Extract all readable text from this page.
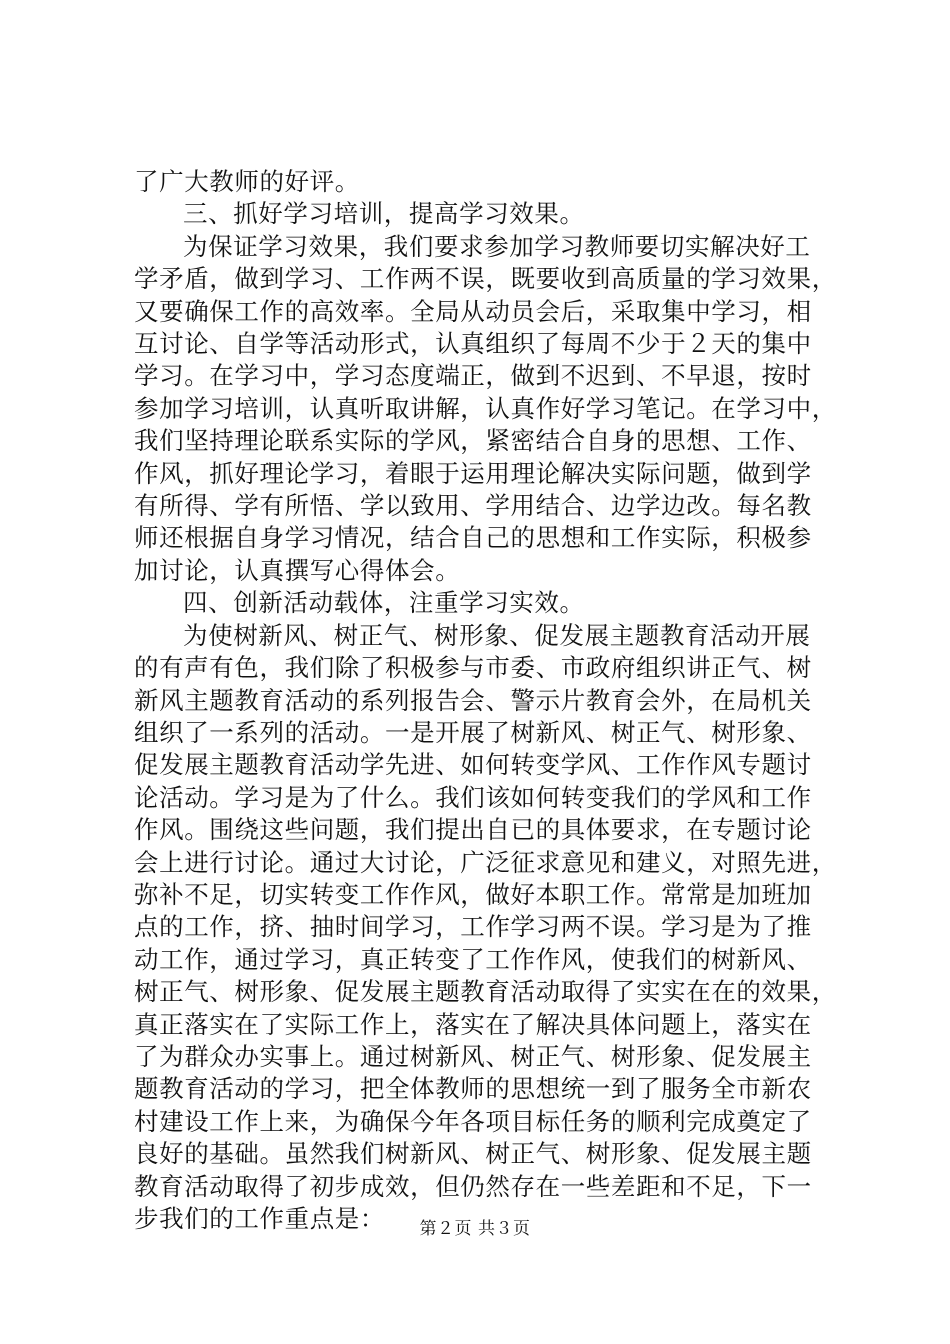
了广大教师的好评。
三、抓好学习培训，提高学习效果。
为保证学习效果，我们要求参加学习教师要切实解决好工
学矛盾，做到学习、工作两不误，既要收到高质量的学习效果，
又要确保工作的高效率。全局从动员会后，采取集中学习，相
互讨论、自学等活动形式，认真组织了每周不少于２天的集中
学习。在学习中，学习态度端正，做到不迟到、不早退，按时
参加学习培训，认真听取讲解，认真作好学习笔记。在学习中，
我们坚持理论联系实际的学风，紧密结合自身的思想、工作、
作风，抓好理论学习，着眼于运用理论解决实际问题，做到学
有所得、学有所悟、学以致用、学用结合、边学边改。每名教
师还根据自身学习情况，结合自己的思想和工作实际，积极参
加讨论，认真撰写心得体会。
四、创新活动载体，注重学习实效。
为使树新风、树正气、树形象、促发展主题教育活动开展
的有声有色，我们除了积极参与市委、市政府组织讲正气、树
新风主题教育活动的系列报告会、警示片教育会外，在局机关
组织了一系列的活动。一是开展了树新风、树正气、树形象、
促发展主题教育活动学先进、如何转变学风、工作作风专题讨
论活动。学习是为了什么。我们该如何转变我们的学风和工作
作风。围绕这些问题，我们提出自已的具体要求，在专题讨论
会上进行讨论。通过大讨论，广泛征求意见和建义，对照先进，
弥补不足，切实转变工作作风，做好本职工作。常常是加班加
点的工作，挤、抽时间学习，工作学习两不误。学习是为了推
动工作，通过学习，真正转变了工作作风，使我们的树新风、
树正气、树形象、促发展主题教育活动取得了实实在在的效果，
真正落实在了实际工作上，落实在了解决具体问题上，落实在
了为群众办实事上。通过树新风、树正气、树形象、促发展主
题教育活动的学习，把全体教师的思想统一到了服务全市新农
村建设工作上来，为确保今年各项目标任务的顺利完成奠定了
良好的基础。虽然我们树新风、树正气、树形象、促发展主题
教育活动取得了初步成效，但仍然存在一些差距和不足，下一
步我们的工作重点是：	第２页 共３页
